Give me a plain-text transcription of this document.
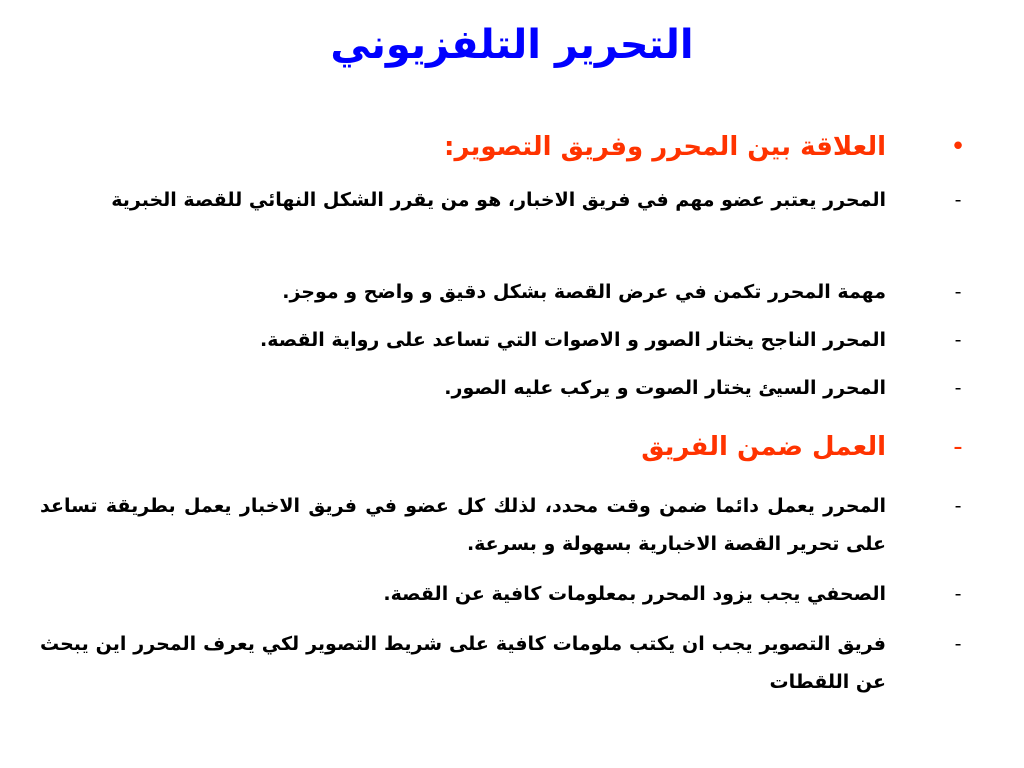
التحرير التلفزيوني
•
العلاقة بين المحرر وفريق التصوير:
-
المحرر يعتبر عضو مهم في فريق الاخبار، هو من يقرر الشكل النهائي للقصة الخبرية
-
مهمة المحرر تكمن في عرض القصة بشكل دقيق و واضح و موجز.
-
المحرر الناجح يختار الصور و الاصوات التي تساعد على رواية القصة.
-
المحرر السيئ يختار الصوت و يركب عليه الصور.
-
العمل ضمن الفريق
-
المحرر يعمل دائما ضمن وقت محدد، لذلك كل عضو في فريق الاخبار يعمل بطريقة تساعد على تحرير القصة الاخبارية بسهولة و بسرعة.
-
الصحفي يجب يزود المحرر بمعلومات كافية عن القصة.
-
فريق التصوير يجب ان يكتب ملومات كافية على شريط التصوير لكي يعرف المحرر اين يبحث عن اللقطات
